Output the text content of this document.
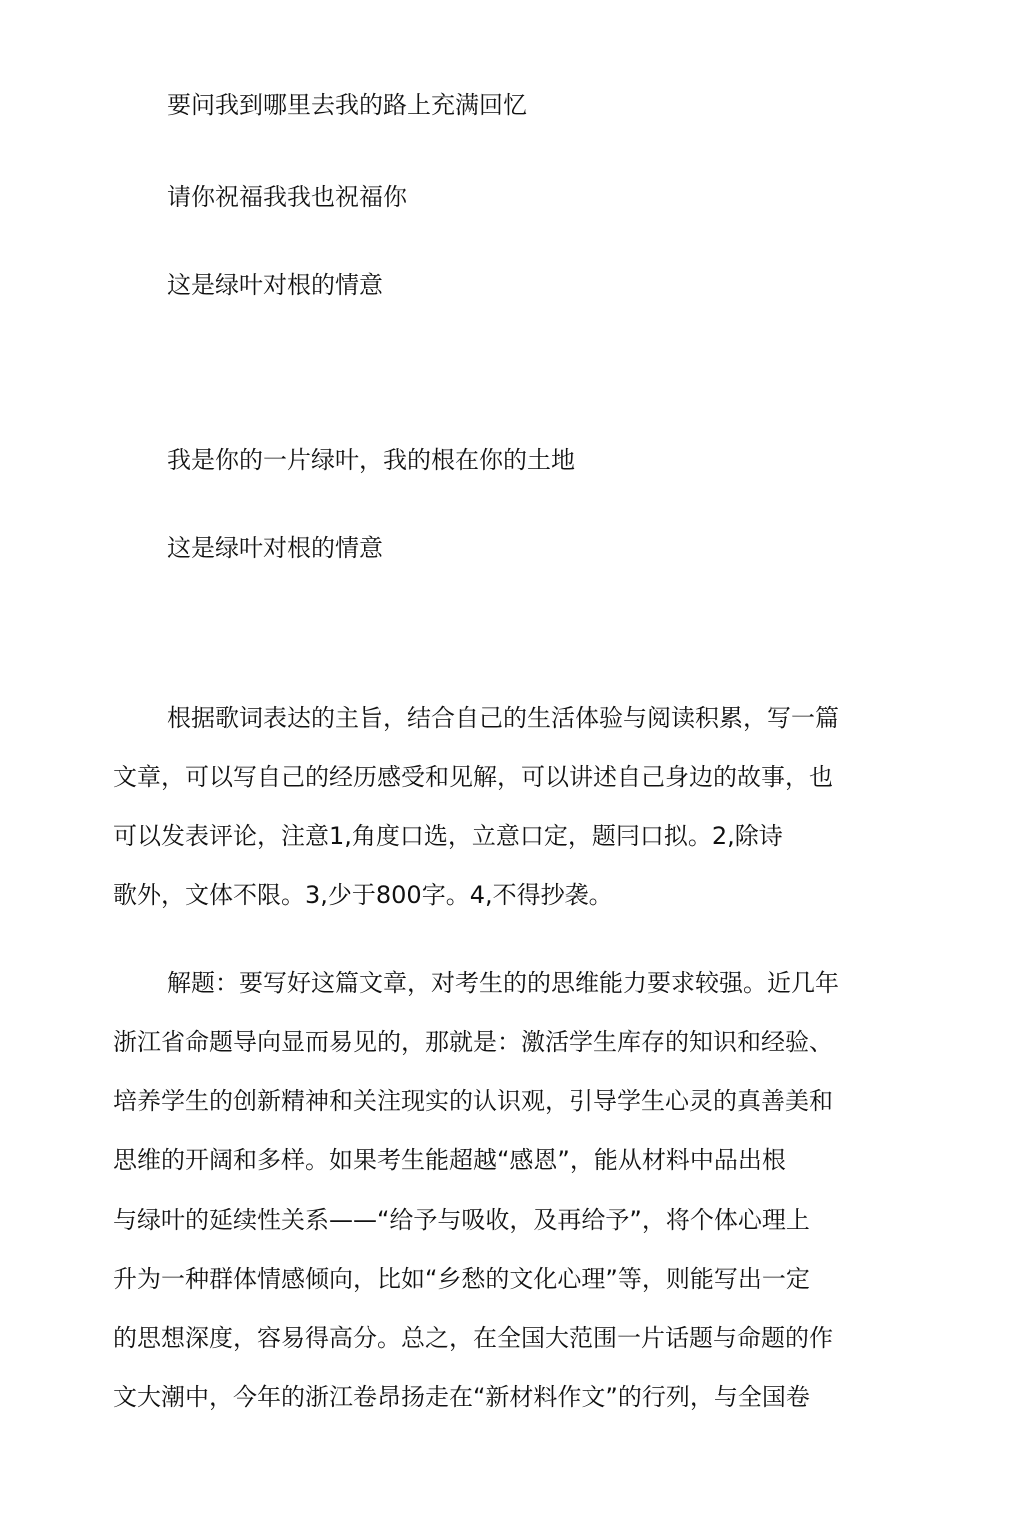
要问我到哪里去我的路上充满回忆
请你祝福我我也祝福你
这是绿叶对根的情意
我是你的一片绿叶，我的根在你的土地
这是绿叶对根的情意
根据歌词表达的主旨，结合自己的生活体验与阅读积累，写一篇
文章，可以写自己的经历感受和见解，可以讲述自己身边的故事，也
可以发表评论，注意1,角度口选，立意口定，题冃口拟。2,除诗
歌外，文体不限。3,少于800字。4,不得抄袭。
解题：要写好这篇文章，对考生的的思维能力要求较强。近几年
浙江省命题导向显而易见的，那就是：激活学生库存的知识和经验、
培养学生的创新精神和关注现实的认识观，引导学生心灵的真善美和
思维的开阔和多样。如果考生能超越“感恩”，能从材料中品出根
与绿叶的延续性关系——“给予与吸收，及再给予”，将个体心理上
升为一种群体情感倾向，比如“乡愁的文化心理”等，则能写出一定
的思想深度，容易得高分。总之，在全国大范围一片话题与命题的作
文大潮中，今年的浙江卷昂扬走在“新材料作文”的行列，与全国卷
